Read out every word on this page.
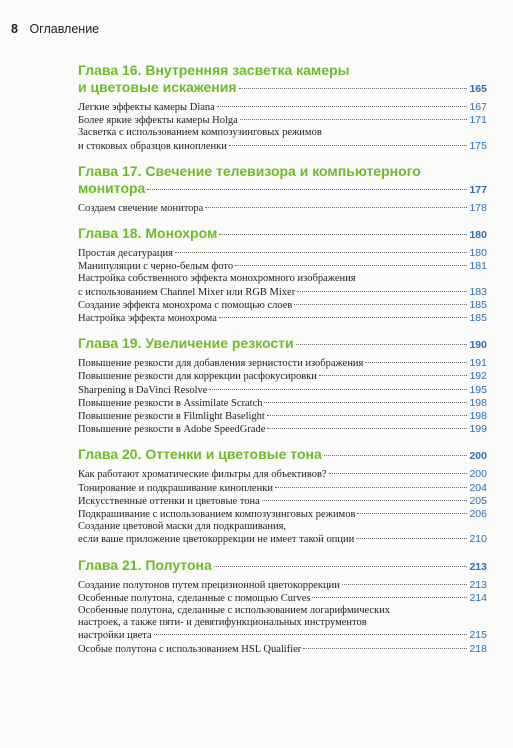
8 Оглавление
Глава 16. Внутренняя засветка камеры
и цветовые искажения	165
Легкие эффекты камеры Diana	167
Более яркие эффекты камеры Holga	171
Засветка с использованием композузинговых режимов
и стоковых образцов кинопленки	175
Глава 17. Свечение телевизора и компьютерного
монитора	177
Создаем свечение монитора	178
Глава 18. Монохром	180
Простая десатурация	180
Манипуляции с черно-белым фото	181
Настройка собственного эффекта монохромного изображения
с использованием Channel Mixer или RGB Mixer	183
Создание эффекта монохрома с помощью слоев	185
Настройка эффекта монохрома	185
Глава 19. Увеличение резкости	190
Повышение резкости для добавления зернистости изображения	191
Повышение резкости для коррекции расфокусировки	192
Sharpening в DaVinci Resolve	195
Повышение резкости в Assimilate Scratch	198
Повышение резкости в Filmlight Baselight	198
Повышение резкости в Adobe SpeedGrade	199
Глава 20. Оттенки и цветовые тона	200
Как работают хроматические фильтры для объективов?	200
Тонирование и подкрашивание кинопленки	204
Искусственные оттенки и цветовые тона	205
Подкрашивание с использованием композузинговых режимов	206
Создание цветовой маски для подкрашивания,
если ваше приложение цветокоррекции не имеет такой опции	210
Глава 21. Полутона	213
Создание полутонов путем прецизионной цветокоррекции	213
Особенные полутона, сделанные с помощью Curves	214
Особенные полутона, сделанные с использованием логарифмических
настроек, а также пяти- и девятифункциональных инструментов
настройки цвета	215
Особые полутона с использованием HSL Qualifier	218
